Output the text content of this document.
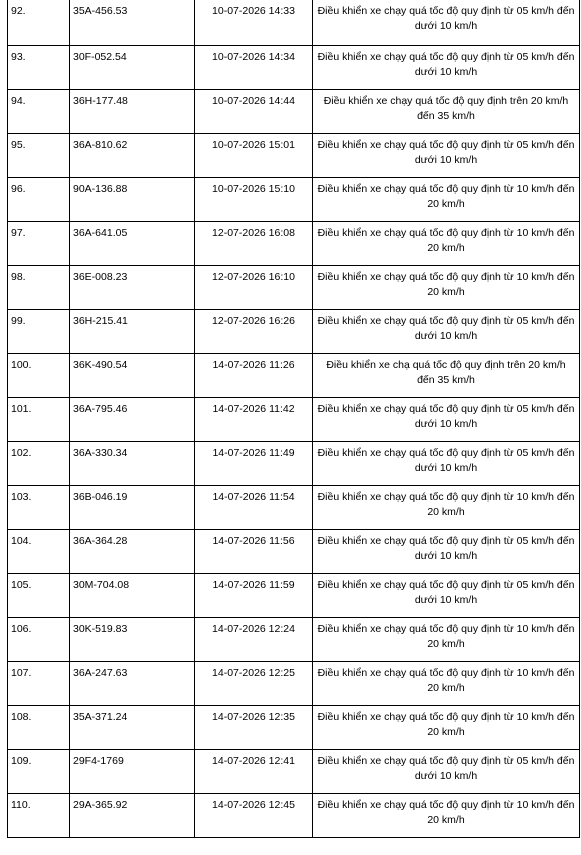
92.	35A-456.53	10-07-2026 14:33	Điều khiển xe chạy quá tốc độ quy định từ 05 km/h đến dưới 10 km/h
93.	30F-052.54	10-07-2026 14:34	Điều khiển xe chạy quá tốc độ quy định từ 05 km/h đến dưới 10 km/h
94.	36H-177.48	10-07-2026 14:44	Điều khiển xe chạy quá tốc độ quy định trên 20 km/h đến 35 km/h
95.	36A-810.62	10-07-2026 15:01	Điều khiển xe chạy quá tốc độ quy định từ 05 km/h đến dưới 10 km/h
96.	90A-136.88	10-07-2026 15:10	Điều khiển xe chạy quá tốc độ quy định từ 10 km/h đến 20 km/h
97.	36A-641.05	12-07-2026 16:08	Điều khiển xe chạy quá tốc độ quy định từ 10 km/h đến 20 km/h
98.	36E-008.23	12-07-2026 16:10	Điều khiển xe chạy quá tốc độ quy định từ 10 km/h đến 20 km/h
99.	36H-215.41	12-07-2026 16:26	Điều khiển xe chạy quá tốc độ quy định từ 05 km/h đến dưới 10 km/h
100.	36K-490.54	14-07-2026 11:26	Điều khiển xe chạ quá tốc độ quy định trên 20 km/h đến 35 km/h
101.	36A-795.46	14-07-2026 11:42	Điều khiển xe chạy quá tốc độ quy định từ 05 km/h đến dưới 10 km/h
102.	36A-330.34	14-07-2026 11:49	Điều khiển xe chạy quá tốc độ quy định từ 05 km/h đến dưới 10 km/h
103.	36B-046.19	14-07-2026 11:54	Điều khiển xe chạy quá tốc độ quy định từ 10 km/h đến 20 km/h
104.	36A-364.28	14-07-2026 11:56	Điều khiển xe chạy quá tốc độ quy định từ 05 km/h đến dưới 10 km/h
105.	30M-704.08	14-07-2026 11:59	Điều khiển xe chạy quá tốc độ quy định từ 05 km/h đến dưới 10 km/h
106.	30K-519.83	14-07-2026 12:24	Điều khiển xe chạy quá tốc độ quy định từ 10 km/h đến 20 km/h
107.	36A-247.63	14-07-2026 12:25	Điều khiển xe chạy quá tốc độ quy định từ 10 km/h đến 20 km/h
108.	35A-371.24	14-07-2026 12:35	Điều khiển xe chạy quá tốc độ quy định từ 10 km/h đến 20 km/h
109.	29F4-1769	14-07-2026 12:41	Điều khiển xe chạy quá tốc độ quy định từ 05 km/h đến dưới 10 km/h
110.	29A-365.92	14-07-2026 12:45	Điều khiển xe chạy quá tốc độ quy định từ 10 km/h đến 20 km/h
